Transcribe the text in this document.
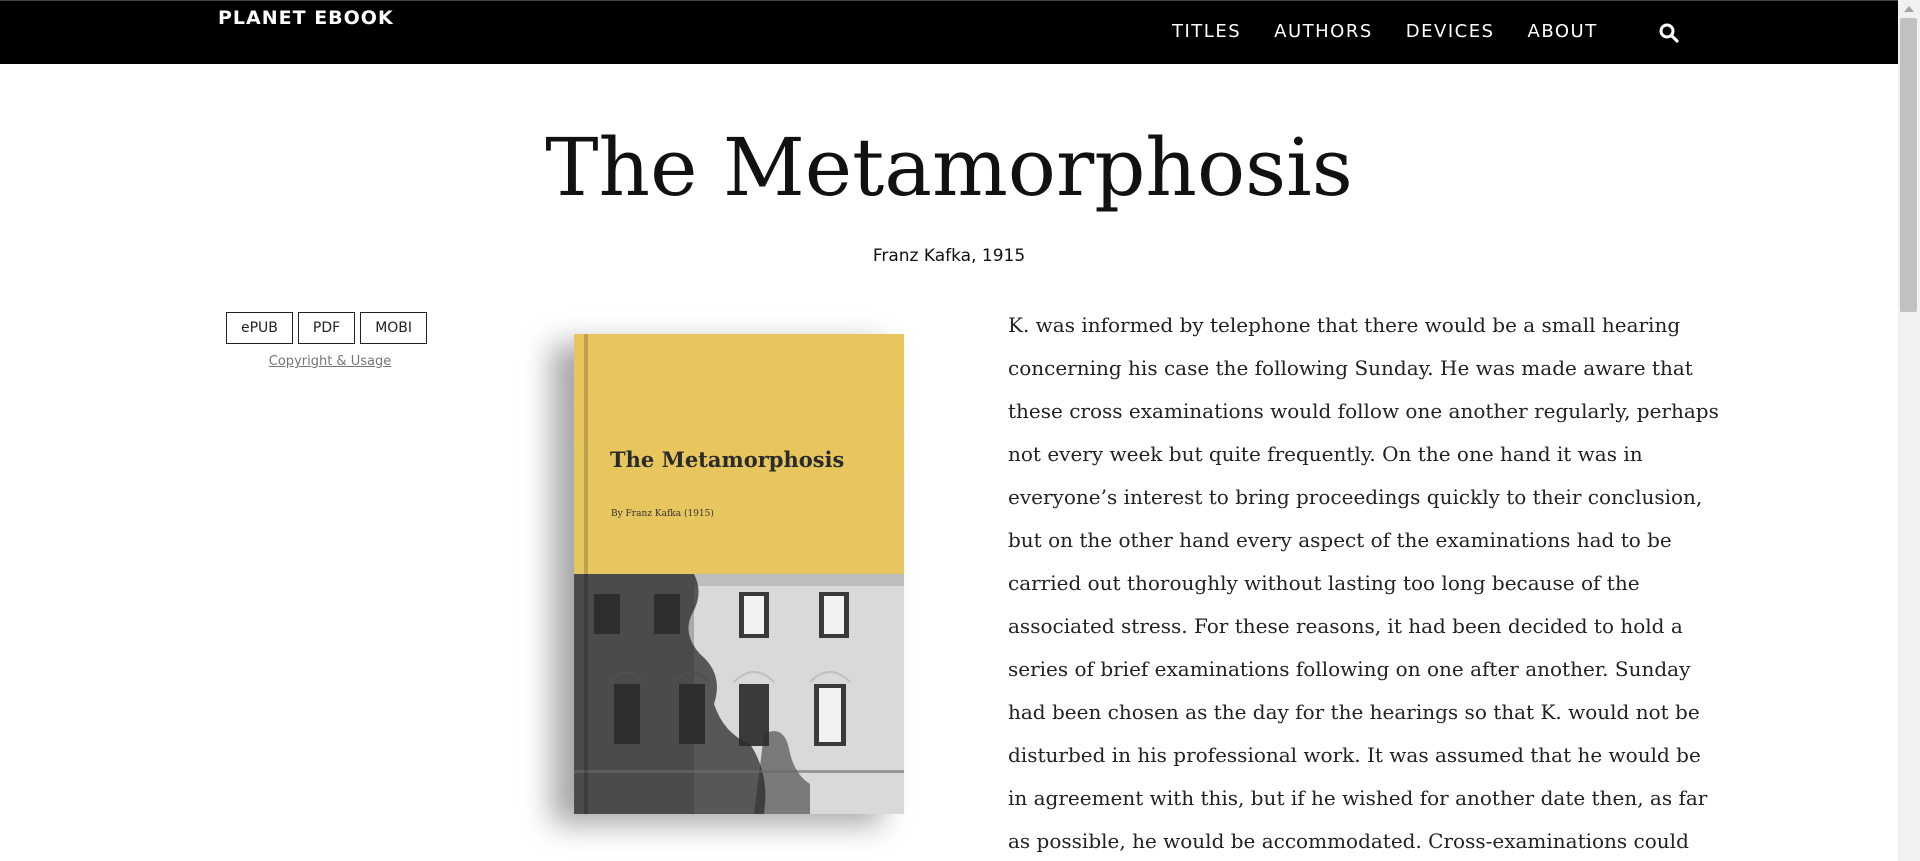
PLANET EBOOK
TITLES AUTHORS DEVICES ABOUT
The Metamorphosis
Franz Kafka, 1915
ePUB	PDF	MOBI
Copyright & Usage
The Metamorphosis
By Franz Kafka (1915)
K. was informed by telephone that there would be a small hearing
concerning his case the following Sunday. He was made aware that
these cross examinations would follow one another regularly, perhaps
not every week but quite frequently. On the one hand it was in
everyone’s interest to bring proceedings quickly to their conclusion,
but on the other hand every aspect of the examinations had to be
carried out thoroughly without lasting too long because of the
associated stress. For these reasons, it had been decided to hold a
series of brief examinations following on one after another. Sunday
had been chosen as the day for the hearings so that K. would not be
disturbed in his professional work. It was assumed that he would be
in agreement with this, but if he wished for another date then, as far
as possible, he would be accommodated. Cross-examinations could
